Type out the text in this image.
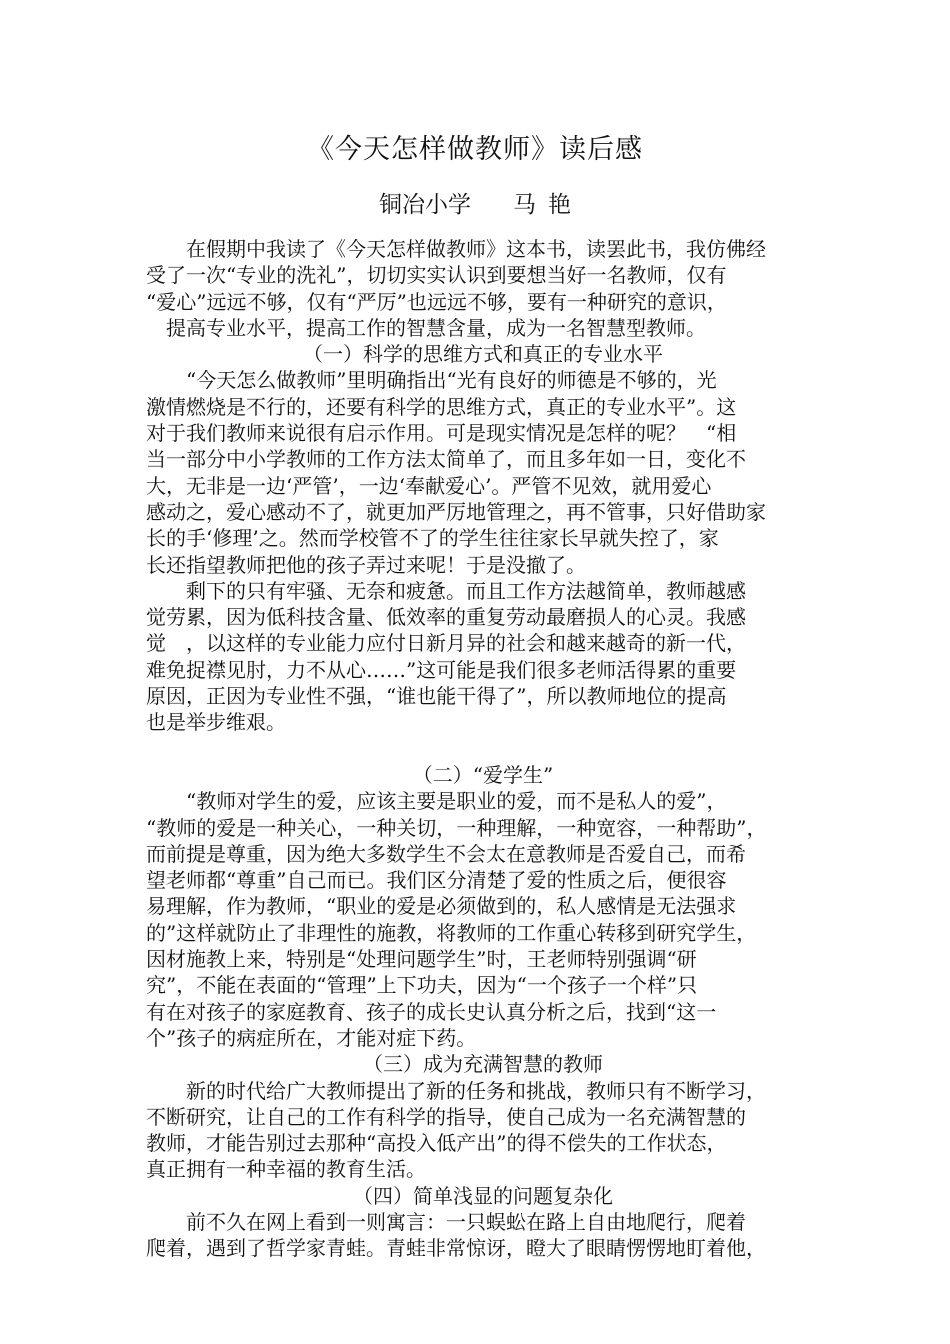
《今天怎样做教师》读后感
铜冶小学 马 艳
　　在假期中我读了《今天怎样做教师》这本书，读罢此书，我仿佛经
受了一次“专业的洗礼”，切切实实认识到要想当好一名教师，仅有
“爱心”远远不够，仅有“严厉”也远远不够，要有一种研究的意识，
　提高专业水平，提高工作的智慧含量，成为一名智慧型教师。
（一）科学的思维方式和真正的专业水平
　　“今天怎么做教师”里明确指出“光有良好的师德是不够的，光
激情燃烧是不行的，还要有科学的思维方式，真正的专业水平”。这
对于我们教师来说很有启示作用。可是现实情况是怎样的呢？　“相
当一部分中小学教师的工作方法太简单了，而且多年如一日，变化不
大，无非是一边‘严管’，一边‘奉献爱心’。严管不见效，就用爱心
感动之，爱心感动不了，就更加严厉地管理之，再不管事，只好借助家
长的手‘修理’之。然而学校管不了的学生往往家长早就失控了，家
长还指望教师把他的孩子弄过来呢！于是没撤了。
　　剩下的只有牢骚、无奈和疲惫。而且工作方法越简单，教师越感
觉劳累，因为低科技含量、低效率的重复劳动最磨损人的心灵。我感
觉　，以这样的专业能力应付日新月异的社会和越来越奇的新一代，
难免捉襟见肘，力不从心……”这可能是我们很多老师活得累的重要
原因，正因为专业性不强，“谁也能干得了”，所以教师地位的提高
也是举步维艰。
（二）“爱学生”
　　“教师对学生的爱，应该主要是职业的爱，而不是私人的爱”，
“教师的爱是一种关心，一种关切，一种理解，一种宽容，一种帮助”，
而前提是尊重，因为绝大多数学生不会太在意教师是否爱自己，而希
望老师都“尊重”自己而已。我们区分清楚了爱的性质之后，便很容
易理解，作为教师，“职业的爱是必须做到的，私人感情是无法强求
的”这样就防止了非理性的施教，将教师的工作重心转移到研究学生，
因材施教上来，特别是“处理问题学生”时，王老师特别强调“研
究”，不能在表面的“管理”上下功夫，因为“一个孩子一个样”只
有在对孩子的家庭教育、孩子的成长史认真分析之后，找到“这一
个”孩子的病症所在，才能对症下药。
（三）成为充满智慧的教师
　　新的时代给广大教师提出了新的任务和挑战，教师只有不断学习，
不断研究，让自己的工作有科学的指导，使自己成为一名充满智慧的
教师，才能告别过去那种“高投入低产出”的得不偿失的工作状态，
真正拥有一种幸福的教育生活。
（四）简单浅显的问题复杂化
　　前不久在网上看到一则寓言：一只蜈蚣在路上自由地爬行，爬着
爬着，遇到了哲学家青蛙。青蛙非常惊讶，瞪大了眼睛愣愣地盯着他，
